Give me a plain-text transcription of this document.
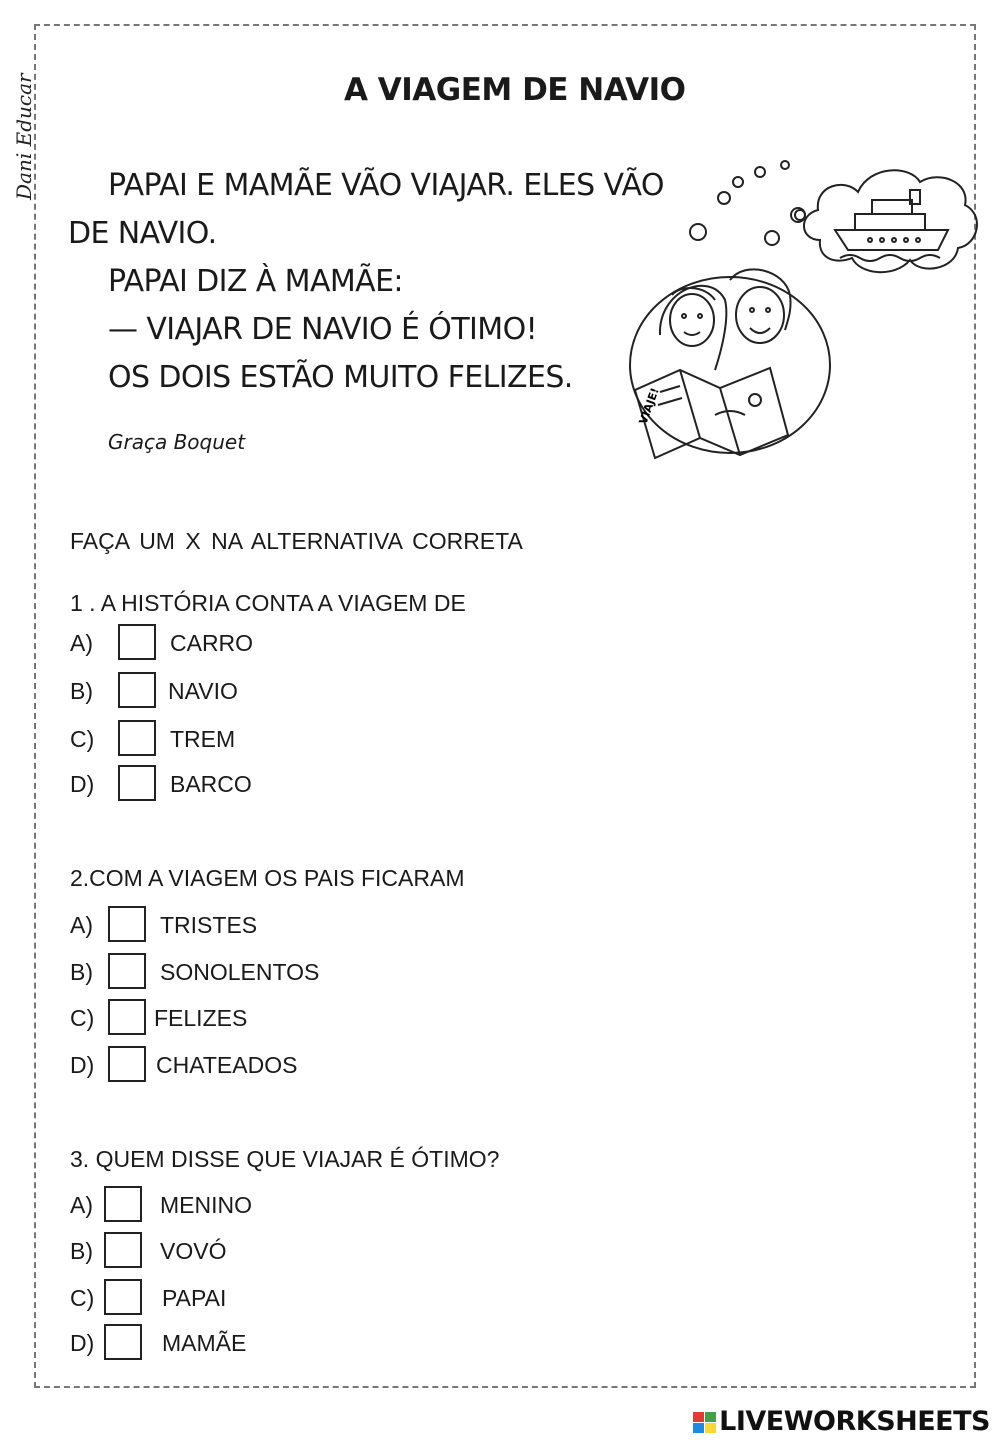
Dani Educar	A VIAGEM DE NAVIO
PAPAI E MAMÃE VÃO VIAJAR. ELES VÃO
DE NAVIO.
PAPAI DIZ À MAMÃE:
— VIAJAR DE NAVIO É ÓTIMO!
OS DOIS ESTÃO MUITO FELIZES.
Graça Boquet
VIAJE!
FAÇA UM X NA ALTERNATIVA CORRETA
1 . A HISTÓRIA CONTA A VIAGEM DE
A)	CARRO
B)	NAVIO
C)	TREM
D)	BARCO
2.COM A VIAGEM OS PAIS FICARAM
A)	TRISTES
B)	SONOLENTOS
C)	FELIZES
D)	CHATEADOS
3. QUEM DISSE QUE VIAJAR É ÓTIMO?
A)	MENINO
B)	VOVÓ
C)	PAPAI
D)	MAMÃE
LIVEWORKSHEETS
